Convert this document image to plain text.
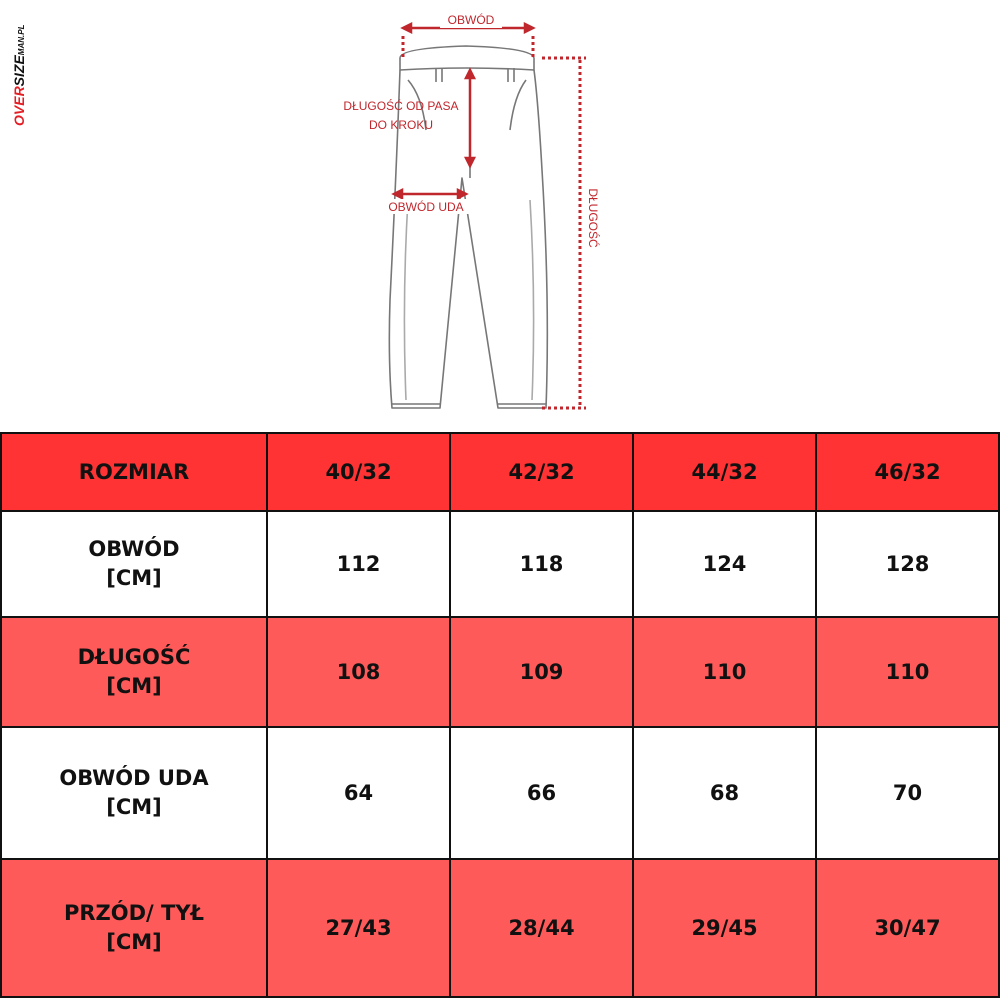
OVERSIZEMAN.PL
OBWÓD
DŁUGOŚĆ OD PASA
DO KROKU
OBWÓD UDA	DŁUGOŚĆ
ROZMIAR	40/32	42/32	44/32	46/32

OBWÓD
[CM]	112	118	124	128

DŁUGOŚĆ
[CM]	108	109	110	110

OBWÓD UDA
[CM]	64	66	68	70

PRZÓD/ TYŁ
[CM]	27/43	28/44	29/45	30/47
